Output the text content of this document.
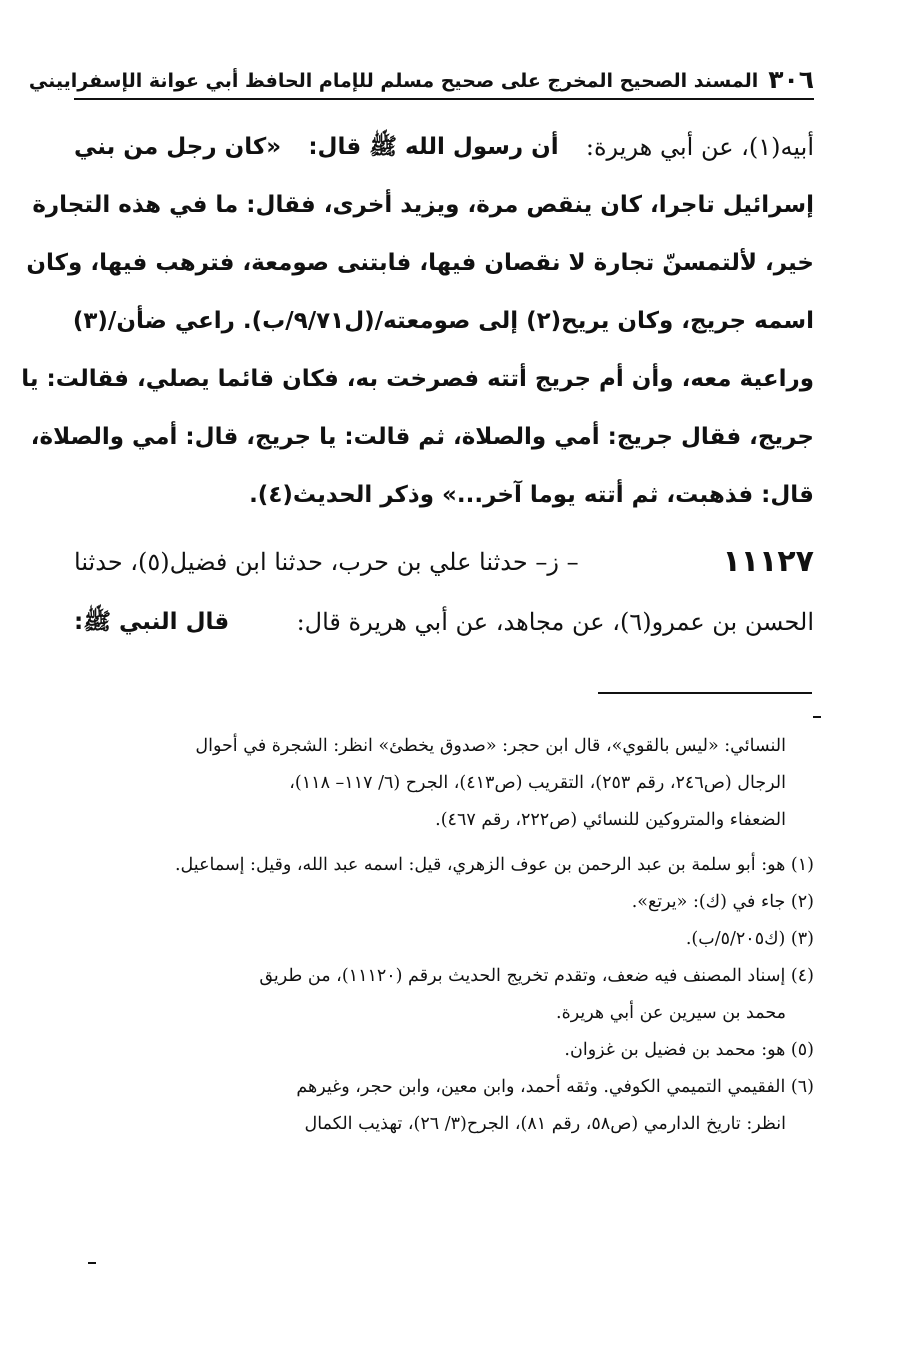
٣٠٦
المسند الصحيح المخرج على صحيح مسلم للإمام الحافظ أبي عوانة الإسفراييني
أبيه(١)، عن أبي هريرة:
أن رسول الله ﷺ قال:
«كان رجل من بني
إسرائيل تاجرا، كان ينقص مرة، ويزيد أخرى، فقال: ما في هذه التجارة
خير، لألتمسنّ تجارة لا نقصان فيها، فابتنى صومعة، فترهب فيها، وكان
اسمه جريج، وكان يريح(٢) إلى صومعته/(ل٩/٧١/ب). راعي ضأن/(٣)
وراعية معه، وأن أم جريج أتته فصرخت به، فكان قائما يصلي، فقالت: يا
جريج، فقال جريج: أمي والصلاة، ثم قالت: يا جريج، قال: أمي والصلاة،
قال: فذهبت، ثم أتته يوما آخر...» وذكر الحديث(٤).
١١١٢٧
– ز– حدثنا علي بن حرب، حدثنا ابن فضيل(٥)، حدثنا
الحسن بن عمرو(٦)، عن مجاهد، عن أبي هريرة قال:
قال النبي ﷺ:
النسائي: «ليس بالقوي»، قال ابن حجر: «صدوق يخطئ» انظر: الشجرة في أحوال
الرجال (ص٢٤٦، رقم ٢٥٣)، التقريب (ص٤١٣)، الجرح (٦/ ١١٧– ١١٨)،
الضعفاء والمتروكين للنسائي (ص٢٢٢، رقم ٤٦٧).
(١) هو: أبو سلمة بن عبد الرحمن بن عوف الزهري، قيل: اسمه عبد الله، وقيل: إسماعيل.
(٢) جاء في (ك): «يرتع».
(٣) (ك٥/٢٠٥/ب).
(٤) إسناد المصنف فيه ضعف، وتقدم تخريج الحديث برقم (١١١٢٠)، من طريق
محمد بن سيرين عن أبي هريرة.
(٥) هو: محمد بن فضيل بن غزوان.
(٦) الفقيمي التميمي الكوفي. وثقه أحمد، وابن معين، وابن حجر، وغيرهم
انظر: تاريخ الدارمي (ص٥٨، رقم ٨١)، الجرح(٣/ ٢٦)، تهذيب الكمال
